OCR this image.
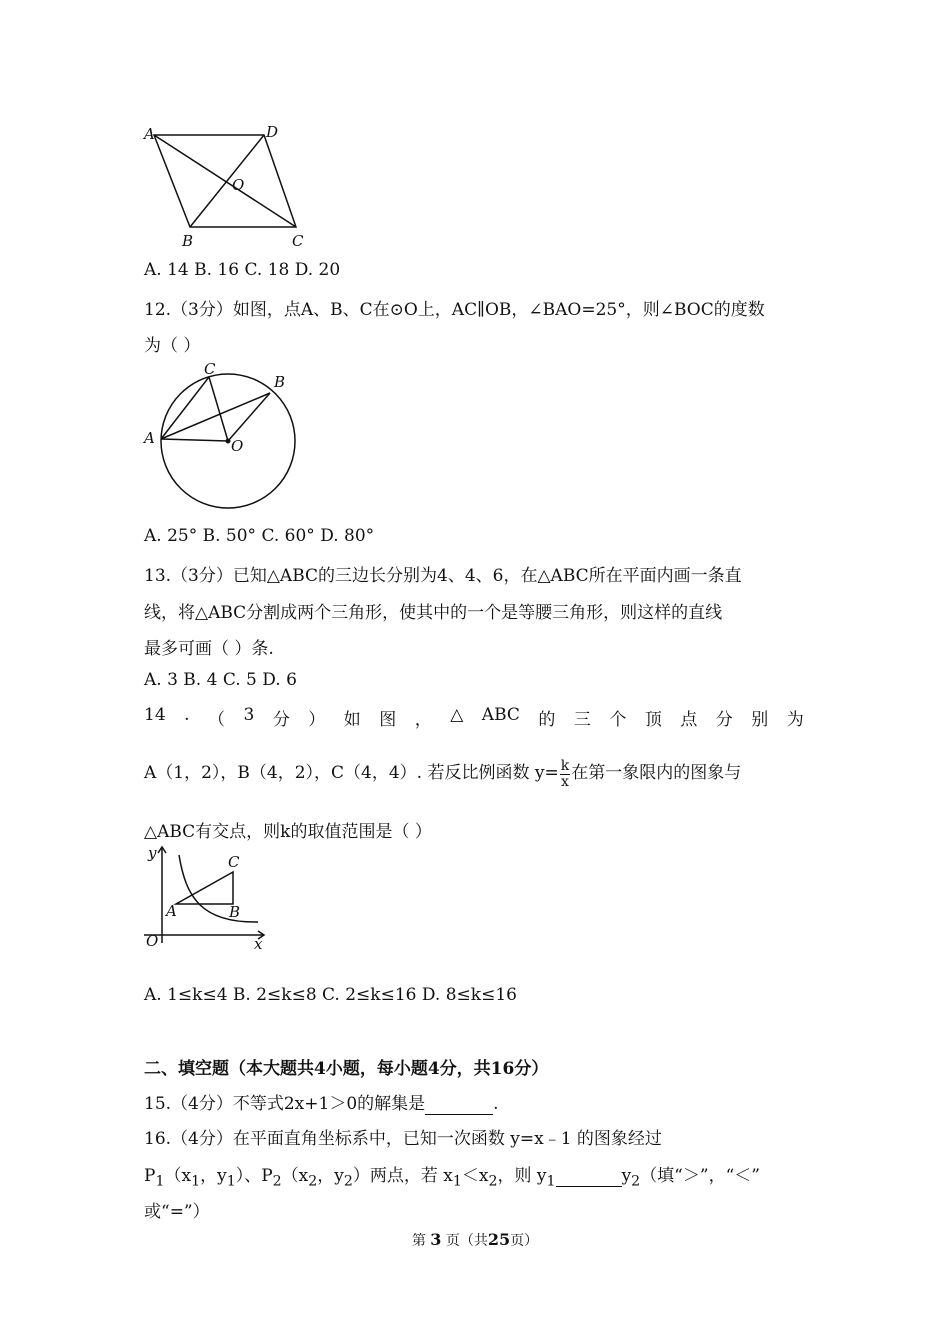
A	D
O
B	C

A. 14 B. 16 C. 18 D. 20

12.（3分）如图，点A、B、C在⊙O上，AC∥OB，∠BAO=25°，则∠BOC的度数

为（ ）

A
C
B
O

A. 25° B. 50° C. 60° D. 80°

13.（3分）已知△ABC的三边长分别为4、4、6，在△ABC所在平面内画一条直

线，将△ABC分割成两个三角形，使其中的一个是等腰三角形，则这样的直线

最多可画（ ）条.

A. 3 B. 4 C. 5 D. 6

14 . （ 3 分 ） 如 图 ， △ ABC 的 三 个 顶 点 分 别 为
A（1，2），B（4，2），C（4，4）. 若反比例函数 $y= \frac{k}{x}$ 在第一象限内的图象与

△ABC有交点，则k的取值范围是（ ）

y
x
O
A	B
C

A. 1≤k≤4 B. 2≤k≤8 C. 2≤k≤16 D. 8≤k≤16

二、填空题（本大题共4小题，每小题4分，共16分）

15.（4分）不等式2x+1＞0的解集是	.

16.（4分）在平面直角坐标系中，已知一次函数 y=x﹣1 的图象经过

$P_1(x_1$，$y_1$）、$P_2(x_2$，$y_2$）两点，若 $x_1<x_2$，则 $y_1$	$y_2$（填“＞”，“＜”

或“=”）

第 3 页（共25页）
